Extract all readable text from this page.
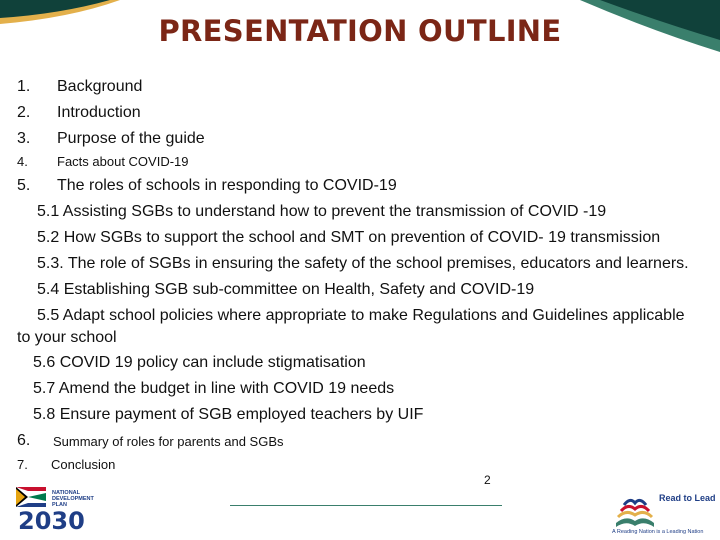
PRESENTATION OUTLINE
1. Background
2. Introduction
3. Purpose of the guide
4. Facts about COVID-19
5. The roles of schools in responding to COVID-19
5.1 Assisting SGBs to understand how to prevent the transmission of COVID -19
5.2 How SGBs to support the school and SMT on prevention of COVID- 19 transmission
5.3. The role of SGBs in ensuring the safety of the school premises, educators and learners.
5.4 Establishing SGB sub-committee on Health, Safety and COVID-19
5.5 Adapt school policies where appropriate to make Regulations and Guidelines applicable
to your school
5.6 COVID 19 policy can include stigmatisation
5.7 Amend the budget in line with COVID 19 needs
5.8 Ensure payment of SGB employed teachers by UIF
6. Summary of roles for parents and SGBs
7. Conclusion
2
NATIONAL
DEVELOPMENT
PLAN
2030
Read to Lead
A Reading Nation is a Leading Nation
